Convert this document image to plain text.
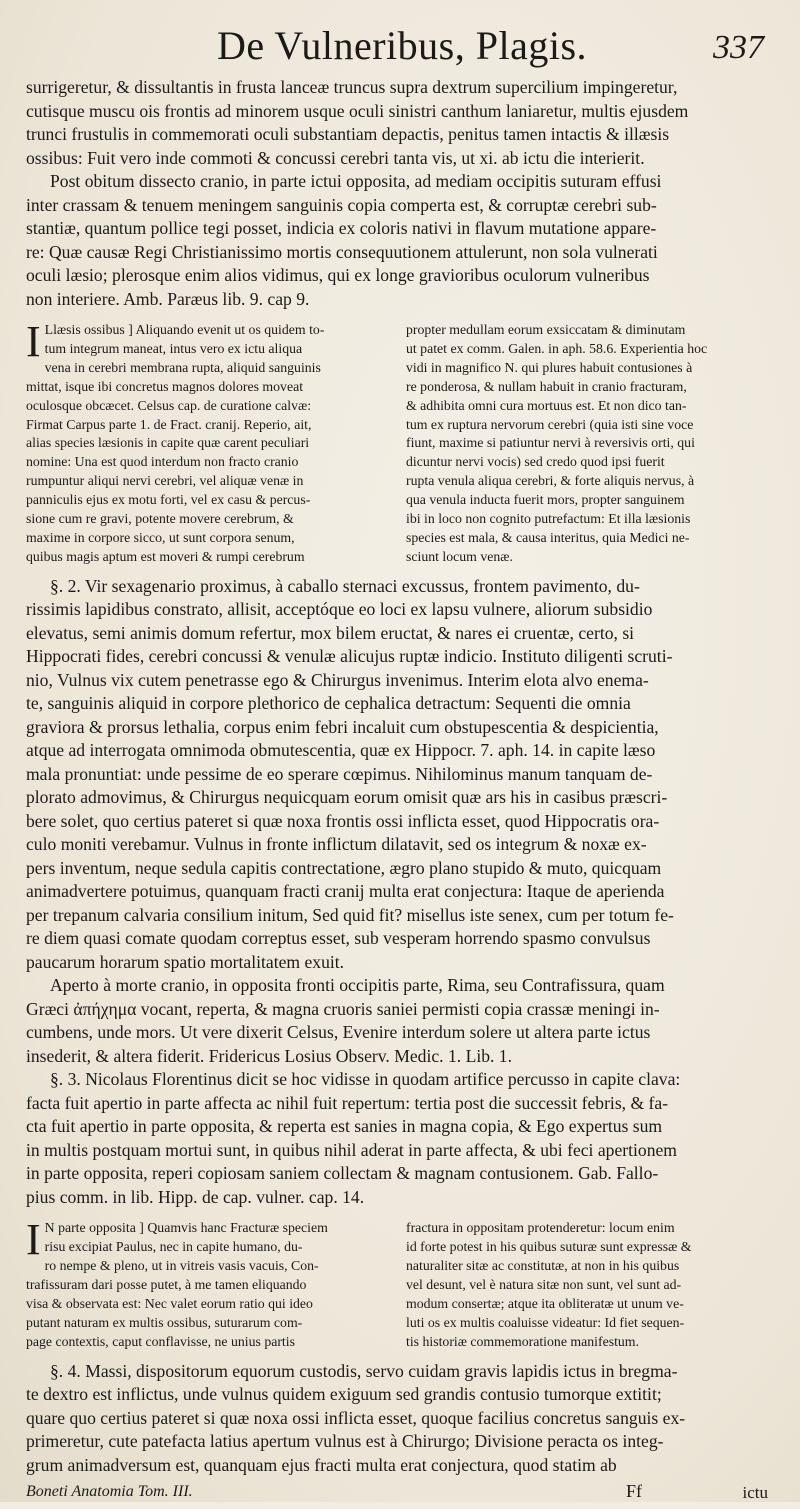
De Vulneribus, Plagis.	337
surrigeretur, & dissultantis in frusta lanceæ truncus supra dextrum supercilium impingeretur,
cutisque muscu ois frontis ad minorem usque oculi sinistri canthum laniaretur, multis ejusdem
trunci frustulis in commemorati oculi substantiam depactis, penitus tamen intactis & illæsis
ossibus: Fuit vero inde commoti & concussi cerebri tanta vis, ut xi. ab ictu die interierit.
Post obitum dissecto cranio, in parte ictui opposita, ad mediam occipitis suturam effusi
inter crassam & tenuem meningem sanguinis copia comperta est, & corruptæ cerebri sub-
stantiæ, quantum pollice tegi posset, indicia ex coloris nativi in flavum mutatione appare-
re: Quæ causæ Regi Christianissimo mortis consequutionem attulerunt, non sola vulnerati
oculi læsio; plerosque enim alios vidimus, qui ex longe gravioribus oculorum vulneribus
non interiere. Amb. Paræus lib. 9. cap 9.
I Llæsis ossibus ] Aliquando evenit ut os quidem to-
tum integrum maneat, intus vero ex ictu aliqua
vena in cerebri membrana rupta, aliquid sanguinis
mittat, isque ibi concretus magnos dolores moveat
oculosque obcæcet. Celsus cap. de curatione calvæ:
Firmat Carpus parte 1. de Fract. cranij. Reperio, ait,
alias species læsionis in capite quæ carent peculiari
nomine: Una est quod interdum non fracto cranio
rumpuntur aliqui nervi cerebri, vel aliquæ venæ in
panniculis ejus ex motu forti, vel ex casu & percus-
sione cum re gravi, potente movere cerebrum, &
maxime in corpore sicco, ut sunt corpora senum,
quibus magis aptum est moveri & rumpi cerebrum
propter medullam eorum exsiccatam & diminutam
ut patet ex comm. Galen. in aph. 58.6. Experientia hoc
vidi in magnifico N. qui plures habuit contusiones à
re ponderosa, & nullam habuit in cranio fracturam,
& adhibita omni cura mortuus est. Et non dico tan-
tum ex ruptura nervorum cerebri (quia isti sine voce
fiunt, maxime si patiuntur nervi à reversivis orti, qui
dicuntur nervi vocis) sed credo quod ipsi fuerit
rupta venula aliqua cerebri, & forte aliquis nervus, à
qua venula inducta fuerit mors, propter sanguinem
ibi in loco non cognito putrefactum: Et illa læsionis
species est mala, & causa interitus, quia Medici ne-
sciunt locum venæ.
§. 2. Vir sexagenario proximus, à caballo sternaci excussus, frontem pavimento, du-
rissimis lapidibus constrato, allisit, acceptóque eo loci ex lapsu vulnere, aliorum subsidio
elevatus, semi animis domum refertur, mox bilem eructat, & nares ei cruentæ, certo, si
Hippocrati fides, cerebri concussi & venulæ alicujus ruptæ indicio. Instituto diligenti scruti-
nio, Vulnus vix cutem penetrasse ego & Chirurgus invenimus. Interim elota alvo enema-
te, sanguinis aliquid in corpore plethorico de cephalica detractum: Sequenti die omnia
graviora & prorsus lethalia, corpus enim febri incaluit cum obstupescentia & despicientia,
atque ad interrogata omnimoda obmutescentia, quæ ex Hippocr. 7. aph. 14. in capite læso
mala pronuntiat: unde pessime de eo sperare cœpimus. Nihilominus manum tanquam de-
plorato admovimus, & Chirurgus nequicquam eorum omisit quæ ars his in casibus præscri-
bere solet, quo certius pateret si quæ noxa frontis ossi inflicta esset, quod Hippocratis ora-
culo moniti verebamur. Vulnus in fronte inflictum dilatavit, sed os integrum & noxæ ex-
pers inventum, neque sedula capitis contrectatione, ægro plano stupido & muto, quicquam
animadvertere potuimus, quanquam fracti cranij multa erat conjectura: Itaque de aperienda
per trepanum calvaria consilium initum, Sed quid fit? misellus iste senex, cum per totum fe-
re diem quasi comate quodam correptus esset, sub vesperam horrendo spasmo convulsus
paucarum horarum spatio mortalitatem exuit.
Aperto à morte cranio, in opposita fronti occipitis parte, Rima, seu Contrafissura, quam
Græci ἀπήχημα vocant, reperta, & magna cruoris saniei permisti copia crassæ meningi in-
cumbens, unde mors. Ut vere dixerit Celsus, Evenire interdum solere ut altera parte ictus
insederit, & altera fiderit. Fridericus Losius Observ. Medic. 1. Lib. 1.
§. 3. Nicolaus Florentinus dicit se hoc vidisse in quodam artifice percusso in capite clava:
facta fuit apertio in parte affecta ac nihil fuit repertum: tertia post die successit febris, & fa-
cta fuit apertio in parte opposita, & reperta est sanies in magna copia, & Ego expertus sum
in multis postquam mortui sunt, in quibus nihil aderat in parte affecta, & ubi feci apertionem
in parte opposita, reperi copiosam saniem collectam & magnam contusionem. Gab. Fallo-
pius comm. in lib. Hipp. de cap. vulner. cap. 14.
I N parte opposita ] Quamvis hanc Fracturæ speciem
risu excipiat Paulus, nec in capite humano, du-
ro nempe & pleno, ut in vitreis vasis vacuis, Con-
trafissuram dari posse putet, à me tamen eliquando
visa & observata est: Nec valet eorum ratio qui ideo
putant naturam ex multis ossibus, suturarum com-
page contextis, caput conflavisse, ne unius partis
fractura in oppositam protenderetur: locum enim
id forte potest in his quibus suturæ sunt expressæ &
naturaliter sitæ ac constitutæ, at non in his quibus
vel desunt, vel è natura sitæ non sunt, vel sunt ad-
modum consertæ; atque ita obliteratæ ut unum ve-
luti os ex multis coaluisse videatur: Id fiet sequen-
tis historiæ commemoratione manifestum.
§. 4. Massi, dispositorum equorum custodis, servo cuidam gravis lapidis ictus in bregma-
te dextro est inflictus, unde vulnus quidem exiguum sed grandis contusio tumorque extitit;
quare quo certius pateret si quæ noxa ossi inflicta esset, quoque facilius concretus sanguis ex-
primeretur, cute patefacta latius apertum vulnus est à Chirurgo; Divisione peracta os integ-
grum animadversum est, quanquam ejus fracti multa erat conjectura, quod statim ab
Boneti Anatomia Tom. III.	Ff	ictu
